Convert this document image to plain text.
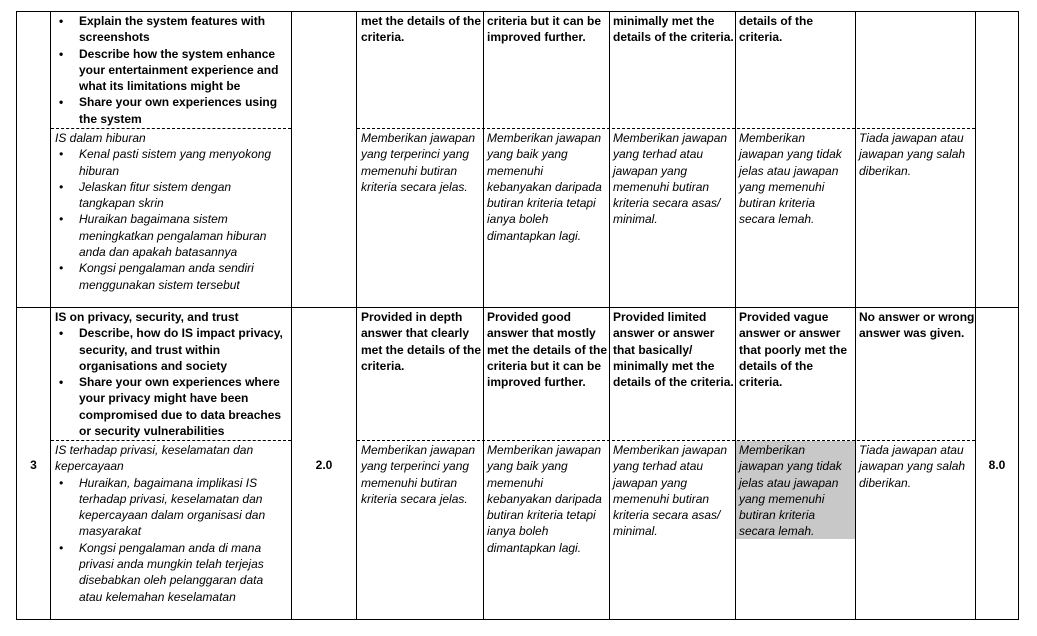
• Explain the system features with screenshots
• Describe how the system enhance your entertainment experience and what its limitations might be
• Share your own experiences using the system
IS dalam hiburan
• Kenal pasti sistem yang menyokong hiburan
• Jelaskan fitur sistem dengan tangkapan skrin
• Huraikan bagaimana sistem meningkatkan pengalaman hiburan anda dan apakah batasannya
• Kongsi pengalaman anda sendiri menggunakan sistem tersebut
met the details of the criteria.
criteria but it can be improved further.
minimally met the details of the criteria.
details of the criteria.
Memberikan jawapan yang terperinci yang memenuhi butiran kriteria secara jelas.
Memberikan jawapan yang baik yang memenuhi kebanyakan daripada butiran kriteria tetapi ianya boleh dimantapkan lagi.
Memberikan jawapan yang terhad atau jawapan yang memenuhi butiran kriteria secara asas/ minimal.
Memberikan jawapan yang tidak jelas atau jawapan yang memenuhi butiran kriteria secara lemah.
Tiada jawapan atau jawapan yang salah diberikan.
3	2.0	8.0
IS on privacy, security, and trust
• Describe, how do IS impact privacy, security, and trust within organisations and society
• Share your own experiences where your privacy might have been compromised due to data breaches or security vulnerabilities
IS terhadap privasi, keselamatan dan kepercayaan
• Huraikan, bagaimana implikasi IS terhadap privasi, keselamatan dan kepercayaan dalam organisasi dan masyarakat
• Kongsi pengalaman anda di mana privasi anda mungkin telah terjejas disebabkan oleh pelanggaran data atau kelemahan keselamatan
Provided in depth answer that clearly met the details of the criteria.
Provided good answer that mostly met the details of the criteria but it can be improved further.
Provided limited answer or answer that basically/ minimally met the details of the criteria.
Provided vague answer or answer that poorly met the details of the criteria.
No answer or wrong answer was given.
Memberikan jawapan yang terperinci yang memenuhi butiran kriteria secara jelas.
Memberikan jawapan yang baik yang memenuhi kebanyakan daripada butiran kriteria tetapi ianya boleh dimantapkan lagi.
Memberikan jawapan yang terhad atau jawapan yang memenuhi butiran kriteria secara asas/ minimal.
Memberikan jawapan yang tidak jelas atau jawapan yang memenuhi butiran kriteria secara lemah.
Tiada jawapan atau jawapan yang salah diberikan.
